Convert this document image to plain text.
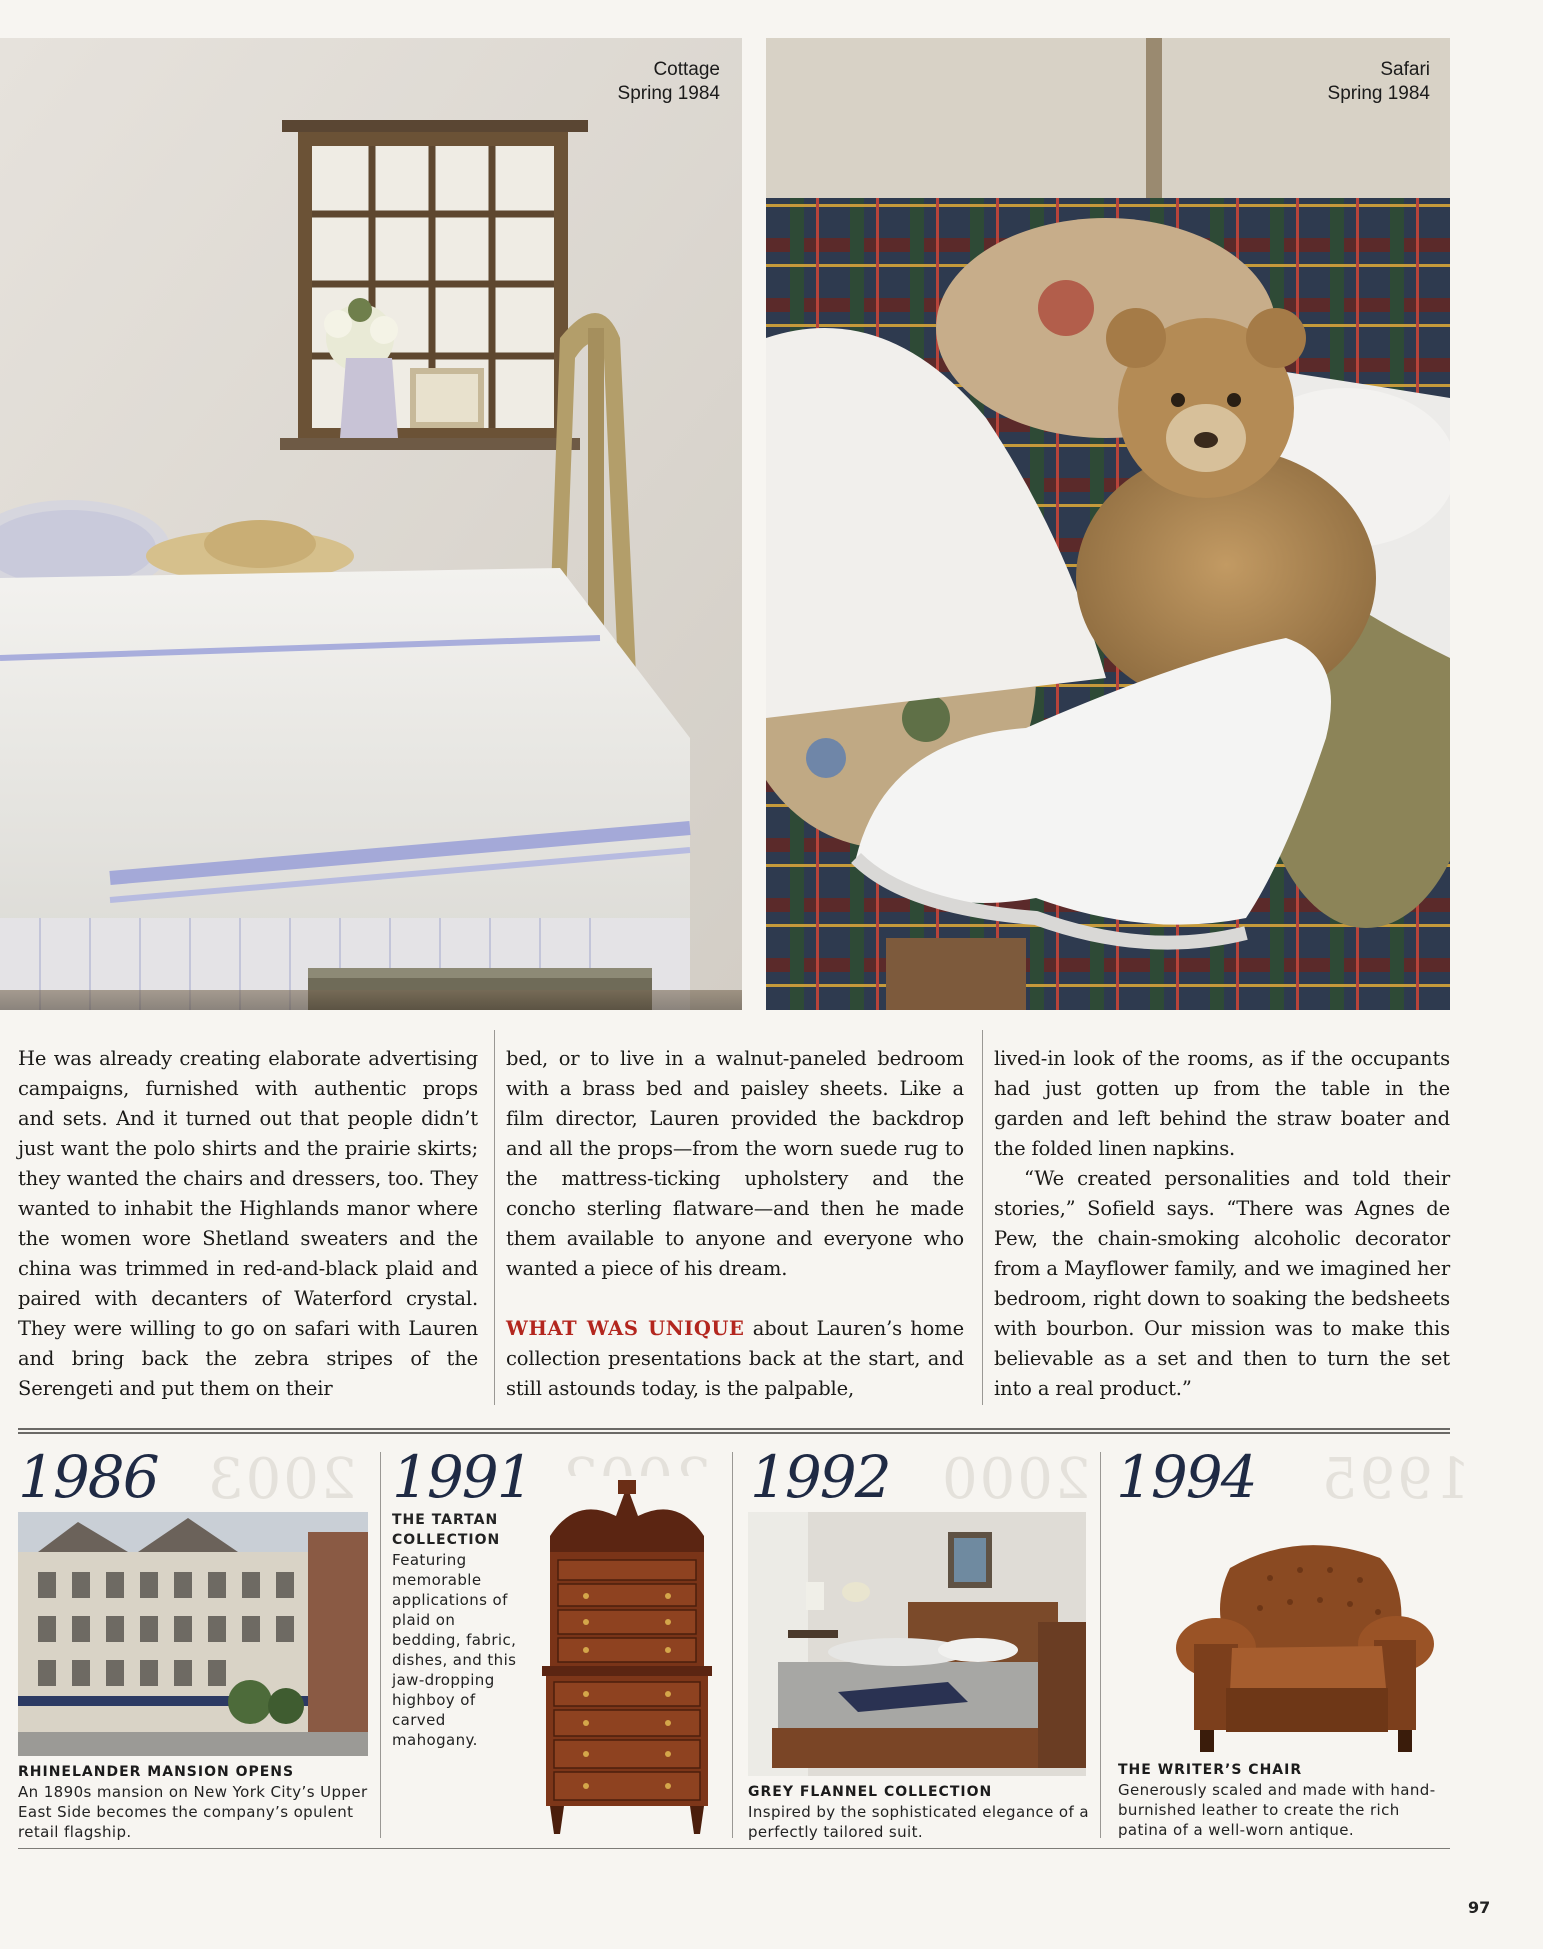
Cottage
Spring 1984
Safari
Spring 1984

He was already creating elaborate advertising campaigns, furnished with authentic props and sets. And it turned out that people didn’t just want the polo shirts and the prairie skirts; they wanted the chairs and dressers, too. They wanted to inhabit the Highlands manor where the women wore Shetland sweaters and the china was trimmed in red-and-black plaid and paired with decanters of Waterford crystal. They were willing to go on safari with Lauren and bring back the zebra stripes of the Serengeti and put them on their

bed, or to live in a walnut-paneled bedroom with a brass bed and paisley sheets. Like a film director, Lauren provided the backdrop and all the props—from the worn suede rug to the mattress-ticking upholstery and the concho sterling flatware—and then he made them available to anyone and everyone who wanted a piece of his dream.

WHAT WAS UNIQUE about Lauren’s home collection presentations back at the start, and still astounds today, is the palpable,

lived-in look of the rooms, as if the occupants had just gotten up from the table in the garden and left behind the straw boater and the folded linen napkins.

“We created personalities and told their stories,” Sofield says. “There was Agnes de Pew, the chain-smoking alcoholic decorator from a Mayflower family, and we imagined her bedroom, right down to soaking the bedsheets with bourbon. Our mission was to make this believable as a set and then to turn the set into a real product.”

2003	2000	1995
1986
RHINELANDER MANSION OPENS
An 1890s mansion on New York City’s Upper East Side becomes the company’s opulent retail flagship.
1991
THE TARTAN COLLECTION
Featuring memorable applications of plaid on bedding, fabric, dishes, and this jaw-dropping highboy of carved mahogany.
1992
GREY FLANNEL COLLECTION
Inspired by the sophisticated elegance of a perfectly tailored suit.
1994
THE WRITER’S CHAIR
Generously scaled and made with hand-burnished leather to create the rich patina of a well-worn antique.
97
